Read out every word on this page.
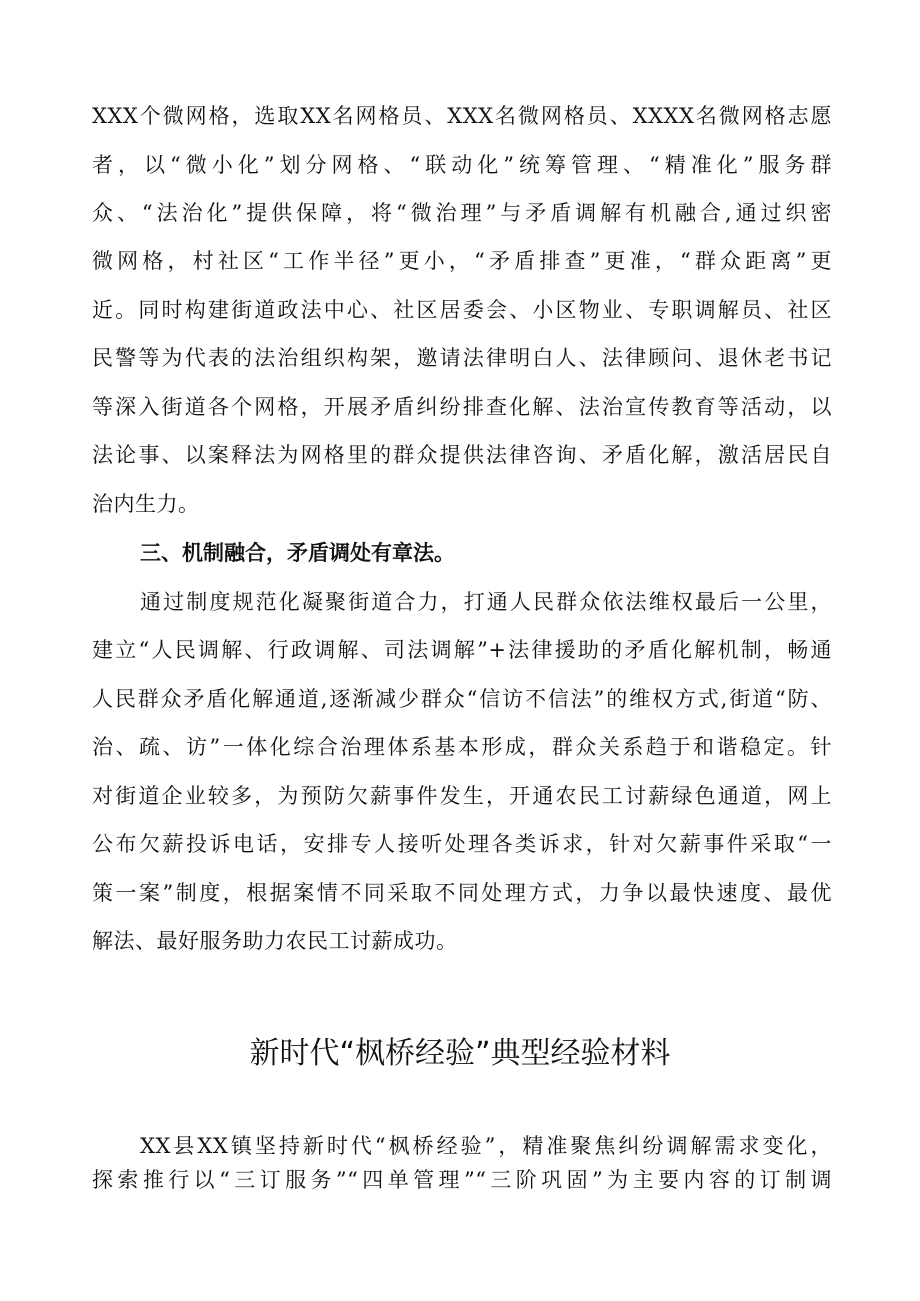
XXX个微网格，选取XX名网格员、XXX名微网格员、XXXX名微网格志愿
者，以“微小化”划分网格、“联动化”统筹管理、“精准化”服务群
众、“法治化”提供保障，将“微治理”与矛盾调解有机融合,通过织密
微网格，村社区“工作半径”更小，“矛盾排查”更准，“群众距离”更
近。同时构建街道政法中心、社区居委会、小区物业、专职调解员、社区
民警等为代表的法治组织构架，邀请法律明白人、法律顾问、退休老书记
等深入街道各个网格，开展矛盾纠纷排查化解、法治宣传教育等活动，以
法论事、以案释法为网格里的群众提供法律咨询、矛盾化解，激活居民自
治内生力。
三、机制融合，矛盾调处有章法。
通过制度规范化凝聚街道合力，打通人民群众依法维权最后一公里，
建立“人民调解、行政调解、司法调解”+法律援助的矛盾化解机制，畅通
人民群众矛盾化解通道,逐渐减少群众“信访不信法”的维权方式,街道“防、
治、疏、访”一体化综合治理体系基本形成，群众关系趋于和谐稳定。针
对街道企业较多，为预防欠薪事件发生，开通农民工讨薪绿色通道，网上
公布欠薪投诉电话，安排专人接听处理各类诉求，针对欠薪事件采取“一
策一案”制度，根据案情不同采取不同处理方式，力争以最快速度、最优
解法、最好服务助力农民工讨薪成功。
新时代“枫桥经验”典型经验材料
XX县XX镇坚持新时代“枫桥经验”，精准聚焦纠纷调解需求变化，
探索推行以“三订服务”“四单管理”“三阶巩固”为主要内容的订制调
